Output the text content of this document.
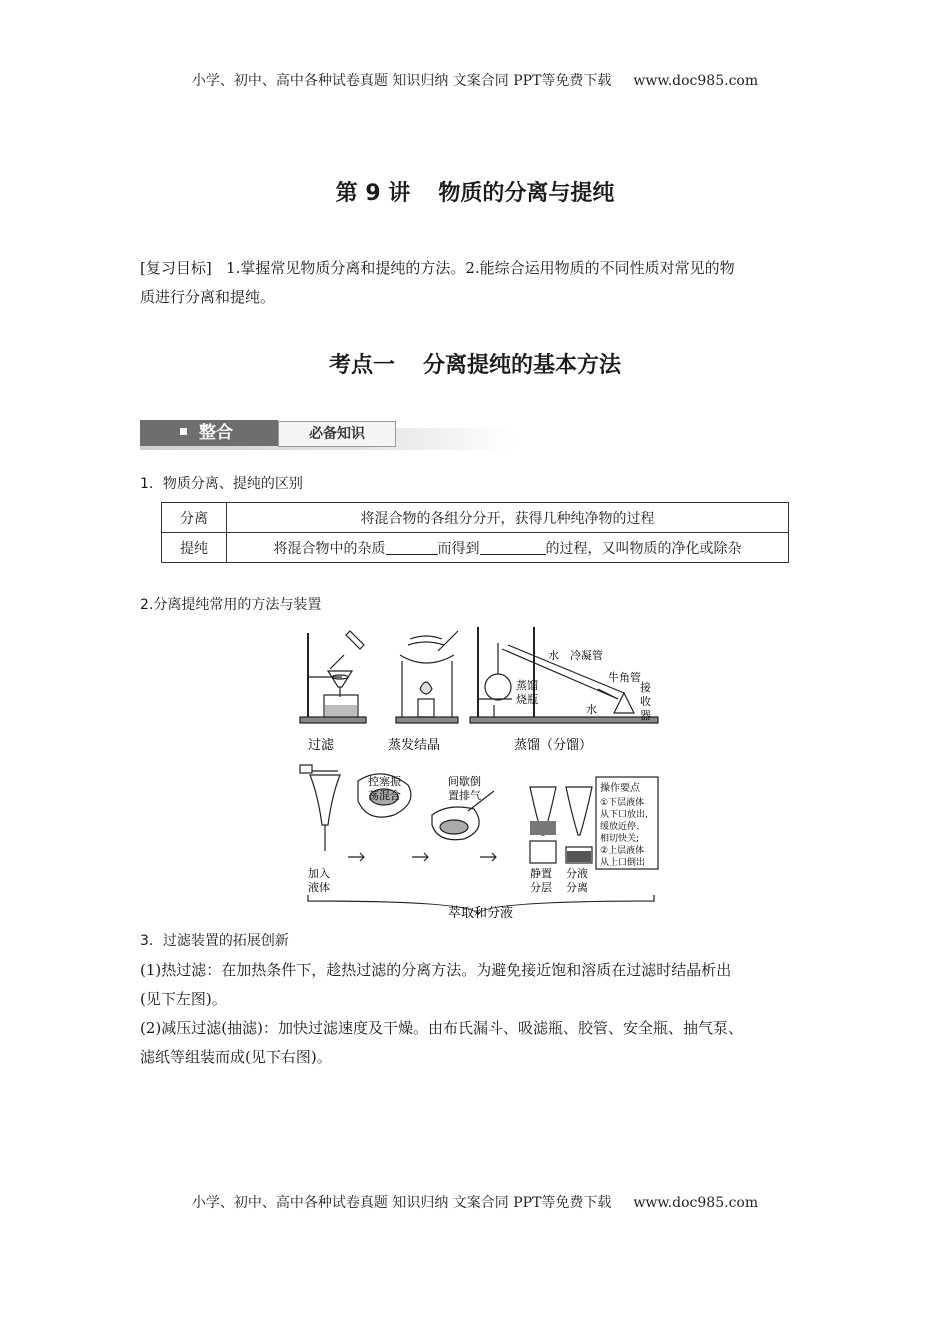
小学、初中、高中各种试卷真题 知识归纳 文案合同 PPT等免费下载 www.doc985.com
第 9 讲 物质的分离与提纯
[复习目标] 1.掌握常见物质分离和提纯的方法。2.能综合运用物质的不同性质对常见的物
质进行分离和提纯。
考点一 分离提纯的基本方法
整合	必备知识
1．物质分离、提纯的区别
分离	将混合物的各组分分开，获得几种纯净物的过程
提纯	将混合物中的杂质 而得到 的过程，又叫物质的净化或除杂
2.分离提纯常用的方法与装置
过滤	蒸发结晶	蒸馏（分馏）
水 冷凝管
牛角管
蒸馏
烧瓶
水
接
收
器
控塞振
荡混合
间歇倒
置排气
加入
液体
静置
分层
分液
分离
操作要点
①下层液体
从下口放出,
缓放近停、
相切快关;
②上层液体
从上口倒出
萃取和分液
3．过滤装置的拓展创新
(1)热过滤：在加热条件下，趁热过滤的分离方法。为避免接近饱和溶质在过滤时结晶析出
(见下左图)。
(2)减压过滤(抽滤)：加快过滤速度及干燥。由布氏漏斗、吸滤瓶、胶管、安全瓶、抽气泵、
滤纸等组装而成(见下右图)。
小学、初中、高中各种试卷真题 知识归纳 文案合同 PPT等免费下载 www.doc985.com
